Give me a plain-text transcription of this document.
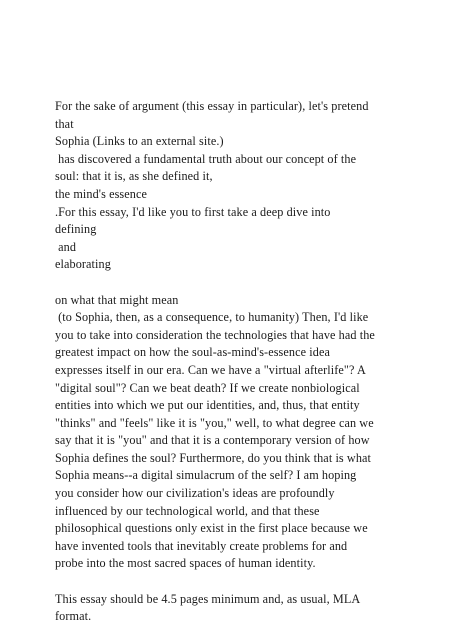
For the sake of argument (this essay in particular), let's pretend
that
Sophia (Links to an external site.)
has discovered a fundamental truth about our concept of the
soul: that it is, as she defined it,
the mind's essence
.For this essay, I'd like you to first take a deep dive into
defining
and
elaborating
on what that might mean
(to Sophia, then, as a consequence, to humanity) Then, I'd like
you to take into consideration the technologies that have had the
greatest impact on how the soul-as-mind's-essence idea
expresses itself in our era. Can we have a "virtual afterlife"? A
"digital soul"? Can we beat death? If we create nonbiological
entities into which we put our identities, and, thus, that entity
"thinks" and "feels" like it is "you," well, to what degree can we
say that it is "you" and that it is a contemporary version of how
Sophia defines the soul? Furthermore, do you think that is what
Sophia means--a digital simulacrum of the self? I am hoping
you consider how our civilization's ideas are profoundly
influenced by our technological world, and that these
philosophical questions only exist in the first place because we
have invented tools that inevitably create problems for and
probe into the most sacred spaces of human identity.
This essay should be 4.5 pages minimum and, as usual, MLA
format.
